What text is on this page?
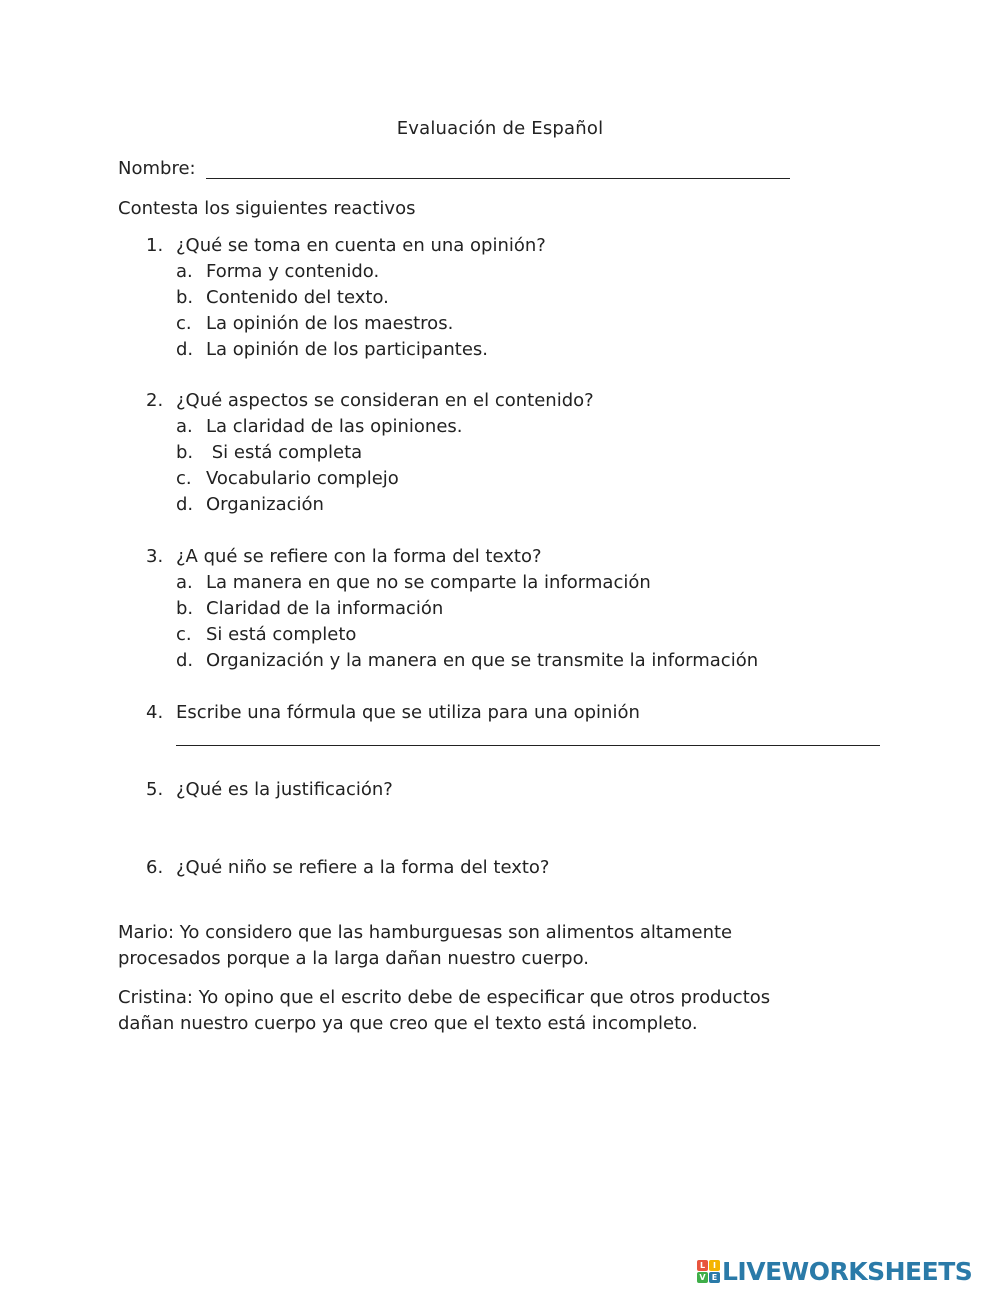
Evaluación de Español
Nombre:
Contesta los siguientes reactivos
1. ¿Qué se toma en cuenta en una opinión?
a. Forma y contenido.
b. Contenido del texto.
c. La opinión de los maestros.
d. La opinión de los participantes.
2. ¿Qué aspectos se consideran en el contenido?
a. La claridad de las opiniones.
b. Si está completa
c. Vocabulario complejo
d. Organización
3. ¿A qué se refiere con la forma del texto?
a. La manera en que no se comparte la información
b. Claridad de la información
c. Si está completo
d. Organización y la manera en que se transmite la información
4. Escribe una fórmula que se utiliza para una opinión
5. ¿Qué es la justificación?
6. ¿Qué niño se refiere a la forma del texto?
Mario: Yo considero que las hamburguesas son alimentos altamente
procesados porque a la larga dañan nuestro cuerpo.
Cristina: Yo opino que el escrito debe de especificar que otros productos
dañan nuestro cuerpo ya que creo que el texto está incompleto.
L I
V E LIVEWORKSHEETS
